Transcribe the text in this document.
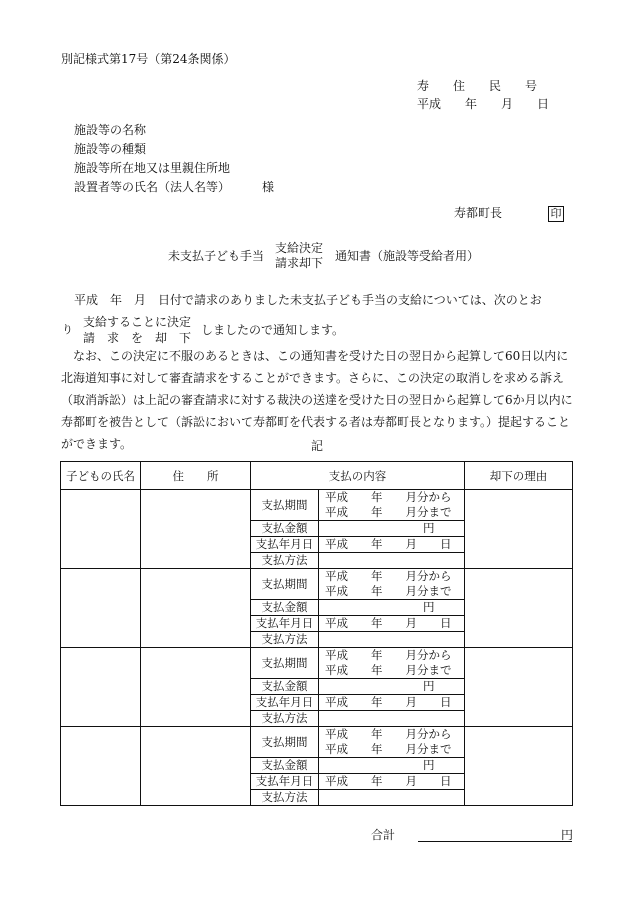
別記様式第17号（第24条関係）
寿　　住　　民　　号
平成　　年　　月　　日
施設等の名称
施設等の種類
施設等所在地又は里親住所地
設置者等の氏名（法人名等）	様
寿都町長	印
未支払子ども手当
支給決定
請求却下 通知書（施設等受給者用）
平成　年　月　日付で請求のありました未支払子ども手当の支給については、次のとお
り
支給することに決定
請　求　を　却　下
しましたので通知します。
なお、この決定に不服のあるときは、この通知書を受けた日の翌日から起算して60日以内に北海道知事に対して審査請求をすることができます。さらに、この決定の取消しを求める訴え（取消訴訟）は上記の審査請求に対する裁決の送達を受けた日の翌日から起算して6か月以内に寿都町を被告として（訴訟において寿都町を代表する者は寿都町長となります。）提起することができます。	記
子どもの氏名	住　　所	支払の内容		却下の理由
		支払期間	平成　　年　　月分から
平成　　年　　月分まで	

		支払金額	円	
		支払年月日	平成　　年　　月　　日	
		支払方法		
		支払期間	平成　　年　　月分から
平成　　年　　月分まで	

		支払金額	円	
		支払年月日	平成　　年　　月　　日	
		支払方法		
		支払期間	平成　　年　　月分から
平成　　年　　月分まで	

		支払金額	円	
		支払年月日	平成　　年　　月　　日	
		支払方法		
		支払期間	平成　　年　　月分から
平成　　年　　月分まで	

		支払金額	円	
		支払年月日	平成　　年　　月　　日	
		支払方法		
合計	円
